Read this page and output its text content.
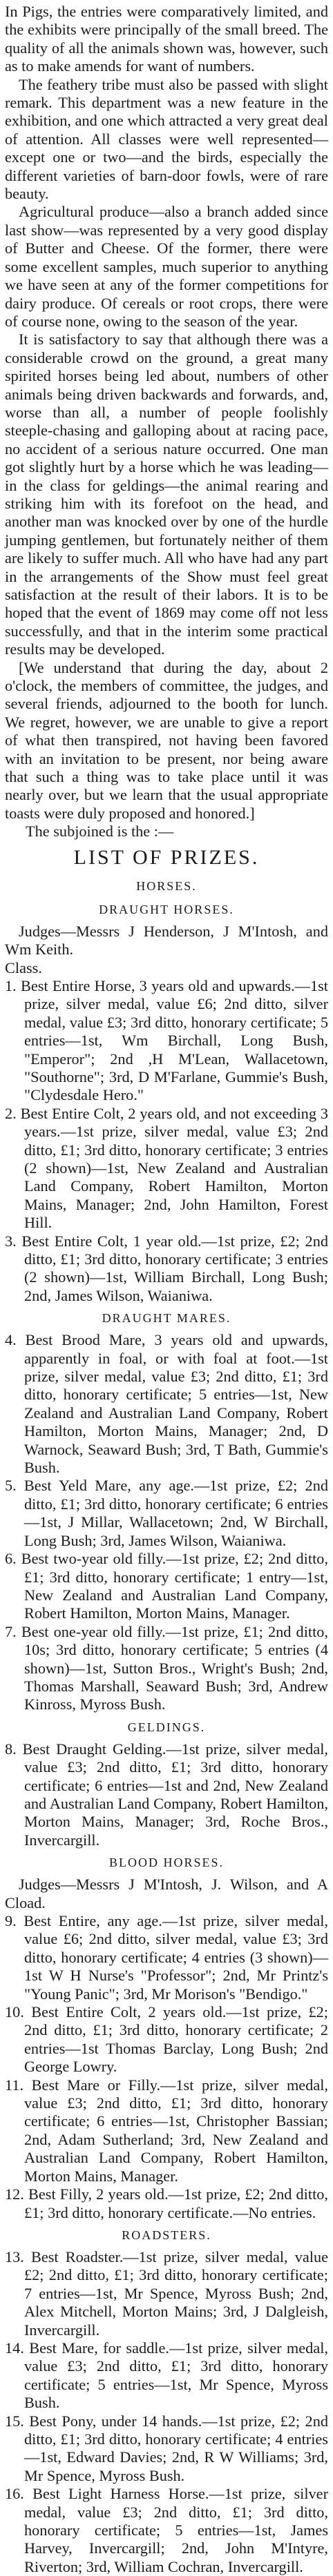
In Pigs, the entries were comparatively limited, and the exhibits were principally of the small breed. The quality of all the animals shown was, however, such as to make amends for want of numbers.

The feathery tribe must also be passed with slight remark. This department was a new feature in the exhibition, and one which attracted a very great deal of attention. All classes were well represented—except one or two—and the birds, especially the different varieties of barn-door fowls, were of rare beauty.

Agricultural produce—also a branch added since last show—was represented by a very good display of Butter and Cheese. Of the former, there were some excellent samples, much superior to anything we have seen at any of the former competitions for dairy produce. Of cereals or root crops, there were of course none, owing to the season of the year.

It is satisfactory to say that although there was a considerable crowd on the ground, a great many spirited horses being led about, numbers of other animals being driven backwards and forwards, and, worse than all, a number of people foolishly steeple-chasing and galloping about at racing pace, no accident of a serious nature occurred. One man got slightly hurt by a horse which he was leading—in the class for geldings—the animal rearing and striking him with its forefoot on the head, and another man was knocked over by one of the hurdle jumping gentlemen, but fortunately neither of them are likely to suffer much. All who have had any part in the arrangements of the Show must feel great satisfaction at the result of their labors. It is to be hoped that the event of 1869 may come off not less successfully, and that in the interim some practical results may be developed.

[We understand that during the day, about 2 o'clock, the members of committee, the judges, and several friends, adjourned to the booth for lunch. We regret, however, we are unable to give a report of what then transpired, not having been favored with an invitation to be present, nor being aware that such a thing was to take place until it was nearly over, but we learn that the usual appropriate toasts were duly proposed and honored.]

The subjoined is the :—

LIST OF PRIZES.
HORSES.
DRAUGHT HORSES.

Judges—Messrs J Henderson, J M'Intosh, and Wm Keith.

Class.

1. Best Entire Horse, 3 years old and upwards.—1st prize, silver medal, value £6; 2nd ditto, silver medal, value £3; 3rd ditto, honorary certificate; 5 entries—1st, Wm Birchall, Long Bush, "Emperor"; 2nd ,H M'Lean, Wallacetown, "Southorne"; 3rd, D M'Farlane, Gummie's Bush, "Clydesdale Hero."
2. Best Entire Colt, 2 years old, and not exceeding 3 years.—1st prize, silver medal, value £3; 2nd ditto, £1; 3rd ditto, honorary certificate; 3 entries (2 shown)—1st, New Zealand and Australian Land Company, Robert Hamilton, Morton Mains, Manager; 2nd, John Hamilton, Forest Hill.
3. Best Entire Colt, 1 year old.—1st prize, £2; 2nd ditto, £1; 3rd ditto, honorary certificate; 3 entries (2 shown)—1st, William Birchall, Long Bush; 2nd, James Wilson, Waianiwa.
DRAUGHT MARES.
4. Best Brood Mare, 3 years old and upwards, apparently in foal, or with foal at foot.—1st prize, silver medal, value £3; 2nd ditto, £1; 3rd ditto, honorary certificate; 5 entries—1st, New Zealand and Australian Land Company, Robert Hamilton, Morton Mains, Manager; 2nd, D Warnock, Seaward Bush; 3rd, T Bath, Gummie's Bush.
5. Best Yeld Mare, any age.—1st prize, £2; 2nd ditto, £1; 3rd ditto, honorary certificate; 6 entries—1st, J Millar, Wallacetown; 2nd, W Birchall, Long Bush; 3rd, James Wilson, Waianiwa.
6. Best two-year old filly.—1st prize, £2; 2nd ditto, £1; 3rd ditto, honorary certificate; 1 entry—1st, New Zealand and Australian Land Company, Robert Hamilton, Morton Mains, Manager.
7. Best one-year old filly.—1st prize, £1; 2nd ditto, 10s; 3rd ditto, honorary certificate; 5 entries (4 shown)—1st, Sutton Bros., Wright's Bush; 2nd, Thomas Marshall, Seaward Bush; 3rd, Andrew Kinross, Myross Bush.
GELDINGS.
8. Best Draught Gelding.—1st prize, silver medal, value £3; 2nd ditto, £1; 3rd ditto, honorary certificate; 6 entries—1st and 2nd, New Zealand and Australian Land Company, Robert Hamilton, Morton Mains, Manager; 3rd, Roche Bros., Invercargill.
BLOOD HORSES.

Judges—Messrs J M'Intosh, J. Wilson, and A Cload.

9. Best Entire, any age.—1st prize, silver medal, value £6; 2nd ditto, silver medal, value £3; 3rd ditto, honorary certificate; 4 entries (3 shown)—1st W H Nurse's "Professor"; 2nd, Mr Printz's "Young Panic"; 3rd, Mr Morison's "Bendigo."
10. Best Entire Colt, 2 years old.—1st prize, £2; 2nd ditto, £1; 3rd ditto, honorary certificate; 2 entries—1st Thomas Barclay, Long Bush; 2nd George Lowry.
11. Best Mare or Filly.—1st prize, silver medal, value £3; 2nd ditto, £1; 3rd ditto, honorary certificate; 6 entries—1st, Christopher Bassian; 2nd, Adam Sutherland; 3rd, New Zealand and Australian Land Company, Robert Hamilton, Morton Mains, Manager.
12. Best Filly, 2 years old.—1st prize, £2; 2nd ditto, £1; 3rd ditto, honorary certificate.—No entries.
ROADSTERS.
13. Best Roadster.—1st prize, silver medal, value £2; 2nd ditto, £1; 3rd ditto, honorary certificate; 7 entries—1st, Mr Spence, Myross Bush; 2nd, Alex Mitchell, Morton Mains; 3rd, J Dalgleish, Invercargill.
14. Best Mare, for saddle.—1st prize, silver medal, value £3; 2nd ditto, £1; 3rd ditto, honorary certificate; 5 entries—1st, Mr Spence, Myross Bush.
15. Best Pony, under 14 hands.—1st prize, £2; 2nd ditto, £1; 3rd ditto, honorary certificate; 4 entries—1st, Edward Davies; 2nd, R W Williams; 3rd, Mr Spence, Myross Bush.
16. Best Light Harness Horse.—1st prize, silver medal, value £3; 2nd ditto, £1; 3rd ditto, honorary certificate; 5 entries—1st, James Harvey, Invercargill; 2nd, John M'Intyre, Riverton; 3rd, William Cochran, Invercargill.
